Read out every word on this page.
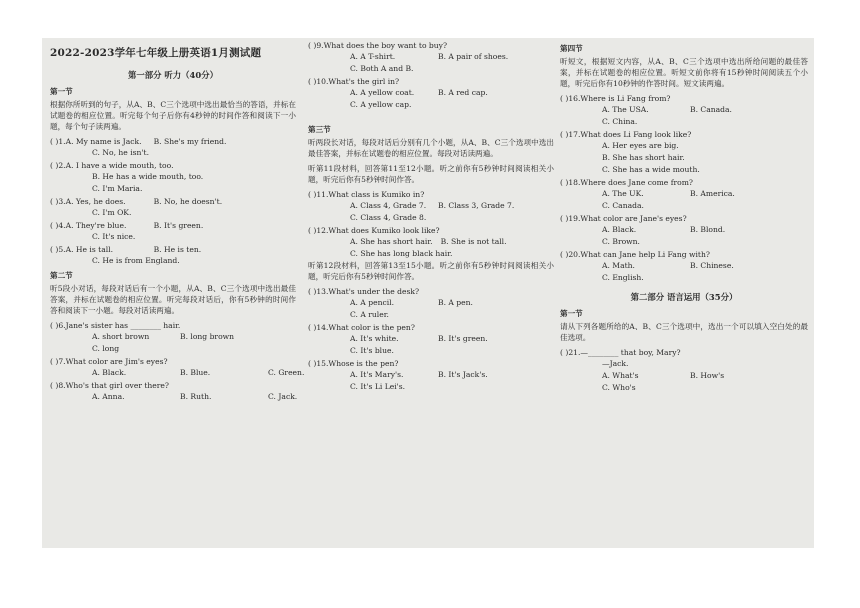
2022-2023学年七年级上册英语1月测试题
第一部分 听力（40分）
第一节
根据你所听到的句子，从A、B、C三个选项中选出最恰当的答语，并标在试题卷的相应位置。听完每个句子后你有4秒钟的时间作答和阅读下一小题，每个句子读两遍。
( )1.A. My name is Jack. B. She's my friend.
C. No, he isn't.
( )2.A. I have a wide mouth, too.
B. He has a wide mouth, too.
C. I'm Maria.
( )3.A. Yes, he does.	B. No, he doesn't.
C. I'm OK.
( )4.A. They're blue.	B. It's green.
C. It's nice.
( )5.A. He is tall.	B. He is ten.
C. He is from England.
第二节
听5段小对话，每段对话后有一个小题，从A、B、C三个选项中选出最佳答案，并标在试题卷的相应位置。听完每段对话后，你有5秒钟的时间作答和阅读下一小题。每段对话读两遍。
( )6.Jane's sister has ________ hair.
A. short brown	B. long brown
C. long
( )7.What color are Jim's eyes?
A. Black.	B. Blue.	C. Green.
( )8.Who's that girl over there?
A. Anna.	B. Ruth.	C. Jack.
( )9.What does the boy want to buy?
A. A T-shirt.	B. A pair of shoes.
C. Both A and B.
( )10.What's the girl in?
A. A yellow coat.	B. A red cap.
C. A yellow cap.
第三节
听两段长对话，每段对话后分别有几个小题，从A、B、C三个选项中选出最佳答案，并标在试题卷的相应位置。每段对话读两遍。
听第11段材料，回答第11至12小题。听之前你有5秒钟时间阅读相关小题，听完后你有5秒钟时间作答。
( )11.What class is Kumiko in?
A. Class 4, Grade 7. B. Class 3, Grade 7.
C. Class 4, Grade 8.
( )12.What does Kumiko look like?
A. She has short hair. B. She is not tall.
C. She has long black hair.
听第12段材料，回答第13至15小题。听之前你有5秒钟时间阅读相关小题，听完后你有5秒钟时间作答。
( )13.What's under the desk?
A. A pencil.	B. A pen.
C. A ruler.
( )14.What color is the pen?
A. It's white.	B. It's green.
C. It's blue.
( )15.Whose is the pen?
A. It's Mary's.	B. It's Jack's.
C. It's Li Lei's.
第四节
听短文，根据短文内容，从A、B、C三个选项中选出所给问题的最佳答案，并标在试题卷的相应位置。听短文前你将有15秒钟时间阅读五个小题，听完后你有10秒钟的作答时间。短文读两遍。
( )16.Where is Li Fang from?
A. The USA.	B. Canada.
C. China.
( )17.What does Li Fang look like?
A. Her eyes are big.
B. She has short hair.
C. She has a wide mouth.
( )18.Where does Jane come from?
A. The UK.	B. America.
C. Canada.
( )19.What color are Jane's eyes?
A. Black.	B. Blond.
C. Brown.
( )20.What can Jane help Li Fang with?
A. Math.	B. Chinese.
C. English.
第二部分 语言运用（35分）
第一节
请从下列各题所给的A、B、C三个选项中，选出一个可以填入空白处的最佳选项。
( )21.—________ that boy, Mary?
—Jack.
A. What's	B. How's
C. Who's
